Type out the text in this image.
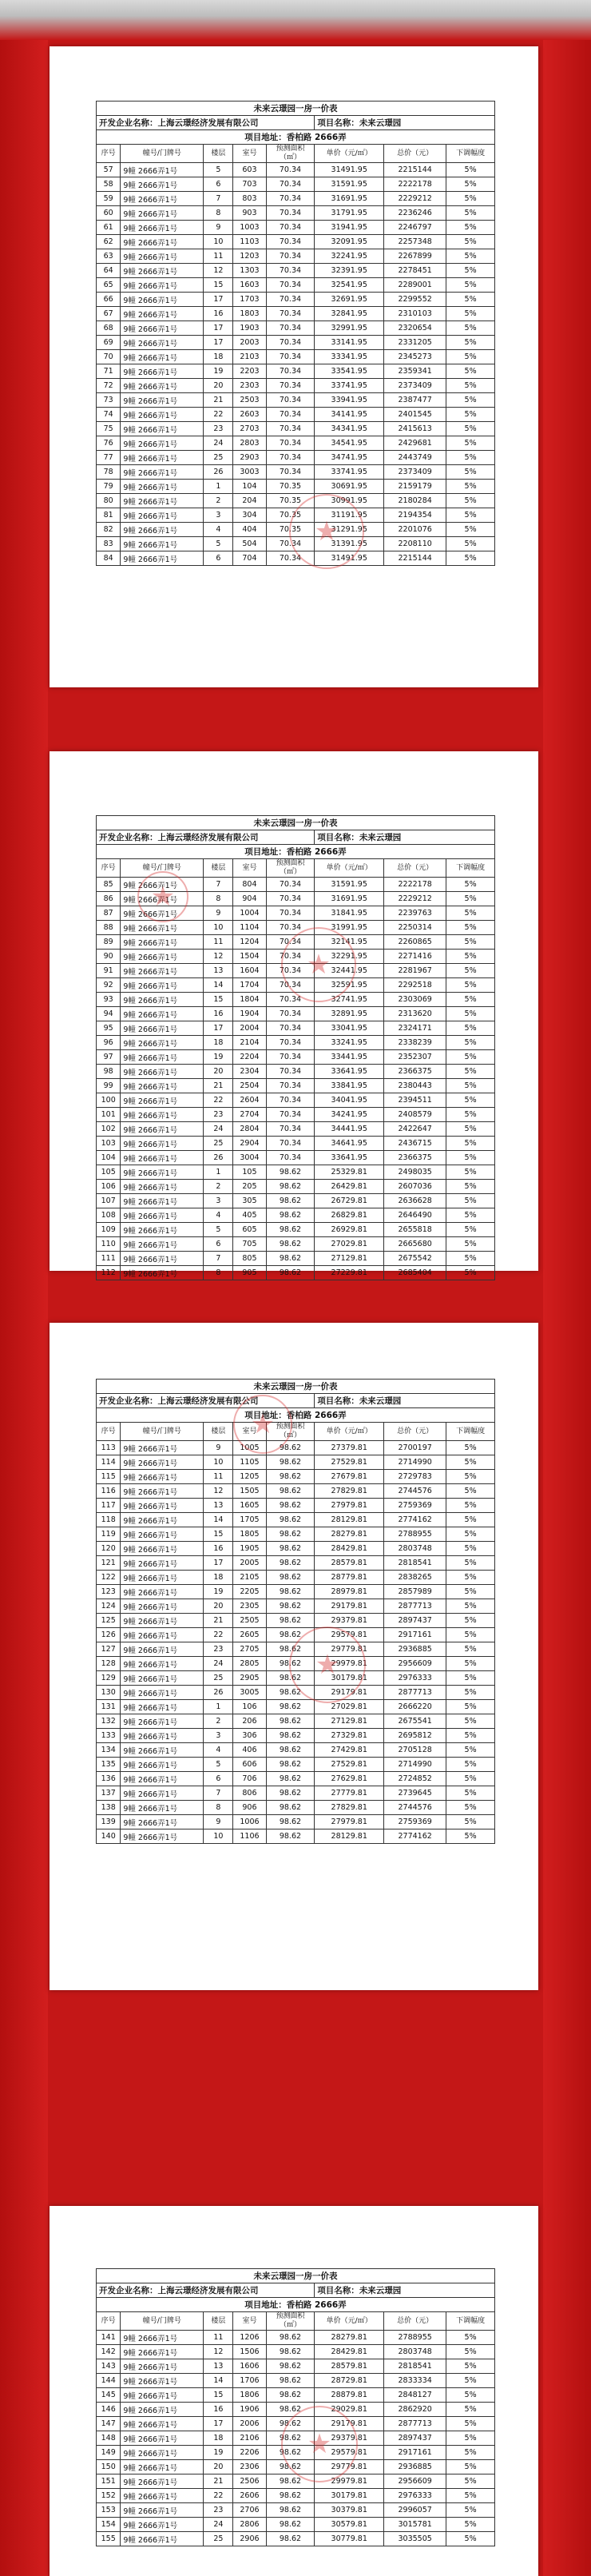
未来云璟园一房一价表							
开发企业名称：上海云璟经济发展有限公司					项目名称：未来云璟园		
项目地址：香柏路 2666弄							
序号	幢号/门牌号	楼层	室号	预测面积（㎡）	单价（元/㎡）	总价（元）	下调幅度
57	9幢 2666弄1号	5	603	70.34	31491.95	2215144	5%
58	9幢 2666弄1号	6	703	70.34	31591.95	2222178	5%
59	9幢 2666弄1号	7	803	70.34	31691.95	2229212	5%
60	9幢 2666弄1号	8	903	70.34	31791.95	2236246	5%
61	9幢 2666弄1号	9	1003	70.34	31941.95	2246797	5%
62	9幢 2666弄1号	10	1103	70.34	32091.95	2257348	5%
63	9幢 2666弄1号	11	1203	70.34	32241.95	2267899	5%
64	9幢 2666弄1号	12	1303	70.34	32391.95	2278451	5%
65	9幢 2666弄1号	15	1603	70.34	32541.95	2289001	5%
66	9幢 2666弄1号	17	1703	70.34	32691.95	2299552	5%
67	9幢 2666弄1号	16	1803	70.34	32841.95	2310103	5%
68	9幢 2666弄1号	17	1903	70.34	32991.95	2320654	5%
69	9幢 2666弄1号	17	2003	70.34	33141.95	2331205	5%
70	9幢 2666弄1号	18	2103	70.34	33341.95	2345273	5%
71	9幢 2666弄1号	19	2203	70.34	33541.95	2359341	5%
72	9幢 2666弄1号	20	2303	70.34	33741.95	2373409	5%
73	9幢 2666弄1号	21	2503	70.34	33941.95	2387477	5%
74	9幢 2666弄1号	22	2603	70.34	34141.95	2401545	5%
75	9幢 2666弄1号	23	2703	70.34	34341.95	2415613	5%
76	9幢 2666弄1号	24	2803	70.34	34541.95	2429681	5%
77	9幢 2666弄1号	25	2903	70.34	34741.95	2443749	5%
78	9幢 2666弄1号	26	3003	70.34	33741.95	2373409	5%
79	9幢 2666弄1号	1	104	70.35	30691.95	2159179	5%
80	9幢 2666弄1号	2	204	70.35	30991.95	2180284	5%
81	9幢 2666弄1号	3	304	70.35	31191.95	2194354	5%
82	9幢 2666弄1号	4	404	70.35	31291.95	2201076	5%
83	9幢 2666弄1号	5	504	70.34	31391.95	2208110	5%
84	9幢 2666弄1号	6	704	70.34	31491.95	2215144	5%
★
未来云璟园一房一价表							
开发企业名称：上海云璟经济发展有限公司					项目名称：未来云璟园		
项目地址：香柏路 2666弄							
序号	幢号/门牌号	楼层	室号	预测面积（㎡）	单价（元/㎡）	总价（元）	下调幅度
85	9幢 2666弄1号	7	804	70.34	31591.95	2222178	5%
86	9幢 2666弄1号	8	904	70.34	31691.95	2229212	5%
87	9幢 2666弄1号	9	1004	70.34	31841.95	2239763	5%
88	9幢 2666弄1号	10	1104	70.34	31991.95	2250314	5%
89	9幢 2666弄1号	11	1204	70.34	32141.95	2260865	5%
90	9幢 2666弄1号	12	1504	70.34	32291.95	2271416	5%
91	9幢 2666弄1号	13	1604	70.34	32441.95	2281967	5%
92	9幢 2666弄1号	14	1704	70.34	32591.95	2292518	5%
93	9幢 2666弄1号	15	1804	70.34	32741.95	2303069	5%
94	9幢 2666弄1号	16	1904	70.34	32891.95	2313620	5%
95	9幢 2666弄1号	17	2004	70.34	33041.95	2324171	5%
96	9幢 2666弄1号	18	2104	70.34	33241.95	2338239	5%
97	9幢 2666弄1号	19	2204	70.34	33441.95	2352307	5%
98	9幢 2666弄1号	20	2304	70.34	33641.95	2366375	5%
99	9幢 2666弄1号	21	2504	70.34	33841.95	2380443	5%
100	9幢 2666弄1号	22	2604	70.34	34041.95	2394511	5%
101	9幢 2666弄1号	23	2704	70.34	34241.95	2408579	5%
102	9幢 2666弄1号	24	2804	70.34	34441.95	2422647	5%
103	9幢 2666弄1号	25	2904	70.34	34641.95	2436715	5%
104	9幢 2666弄1号	26	3004	70.34	33641.95	2366375	5%
105	9幢 2666弄1号	1	105	98.62	25329.81	2498035	5%
106	9幢 2666弄1号	2	205	98.62	26429.81	2607036	5%
107	9幢 2666弄1号	3	305	98.62	26729.81	2636628	5%
108	9幢 2666弄1号	4	405	98.62	26829.81	2646490	5%
109	9幢 2666弄1号	5	605	98.62	26929.81	2655818	5%
110	9幢 2666弄1号	6	705	98.62	27029.81	2665680	5%
111	9幢 2666弄1号	7	805	98.62	27129.81	2675542	5%
112	9幢 2666弄1号	8	905	98.62	27229.81	2685404	5%
★
★
未来云璟园一房一价表							
开发企业名称：上海云璟经济发展有限公司					项目名称：未来云璟园		
项目地址：香柏路 2666弄							
序号	幢号/门牌号	楼层	室号	预测面积（㎡）	单价（元/㎡）	总价（元）	下调幅度
113	9幢 2666弄1号	9	1005	98.62	27379.81	2700197	5%
114	9幢 2666弄1号	10	1105	98.62	27529.81	2714990	5%
115	9幢 2666弄1号	11	1205	98.62	27679.81	2729783	5%
116	9幢 2666弄1号	12	1505	98.62	27829.81	2744576	5%
117	9幢 2666弄1号	13	1605	98.62	27979.81	2759369	5%
118	9幢 2666弄1号	14	1705	98.62	28129.81	2774162	5%
119	9幢 2666弄1号	15	1805	98.62	28279.81	2788955	5%
120	9幢 2666弄1号	16	1905	98.62	28429.81	2803748	5%
121	9幢 2666弄1号	17	2005	98.62	28579.81	2818541	5%
122	9幢 2666弄1号	18	2105	98.62	28779.81	2838265	5%
123	9幢 2666弄1号	19	2205	98.62	28979.81	2857989	5%
124	9幢 2666弄1号	20	2305	98.62	29179.81	2877713	5%
125	9幢 2666弄1号	21	2505	98.62	29379.81	2897437	5%
126	9幢 2666弄1号	22	2605	98.62	29579.81	2917161	5%
127	9幢 2666弄1号	23	2705	98.62	29779.81	2936885	5%
128	9幢 2666弄1号	24	2805	98.62	29979.81	2956609	5%
129	9幢 2666弄1号	25	2905	98.62	30179.81	2976333	5%
130	9幢 2666弄1号	26	3005	98.62	29179.81	2877713	5%
131	9幢 2666弄1号	1	106	98.62	27029.81	2666220	5%
132	9幢 2666弄1号	2	206	98.62	27129.81	2675541	5%
133	9幢 2666弄1号	3	306	98.62	27329.81	2695812	5%
134	9幢 2666弄1号	4	406	98.62	27429.81	2705128	5%
135	9幢 2666弄1号	5	606	98.62	27529.81	2714990	5%
136	9幢 2666弄1号	6	706	98.62	27629.81	2724852	5%
137	9幢 2666弄1号	7	806	98.62	27779.81	2739645	5%
138	9幢 2666弄1号	8	906	98.62	27829.81	2744576	5%
139	9幢 2666弄1号	9	1006	98.62	27979.81	2759369	5%
140	9幢 2666弄1号	10	1106	98.62	28129.81	2774162	5%
★
★
未来云璟园一房一价表							
开发企业名称：上海云璟经济发展有限公司					项目名称：未来云璟园		
项目地址：香柏路 2666弄							
序号	幢号/门牌号	楼层	室号	预测面积（㎡）	单价（元/㎡）	总价（元）	下调幅度
141	9幢 2666弄1号	11	1206	98.62	28279.81	2788955	5%
142	9幢 2666弄1号	12	1506	98.62	28429.81	2803748	5%
143	9幢 2666弄1号	13	1606	98.62	28579.81	2818541	5%
144	9幢 2666弄1号	14	1706	98.62	28729.81	2833334	5%
145	9幢 2666弄1号	15	1806	98.62	28879.81	2848127	5%
146	9幢 2666弄1号	16	1906	98.62	29029.81	2862920	5%
147	9幢 2666弄1号	17	2006	98.62	29179.81	2877713	5%
148	9幢 2666弄1号	18	2106	98.62	29379.81	2897437	5%
149	9幢 2666弄1号	19	2206	98.62	29579.81	2917161	5%
150	9幢 2666弄1号	20	2306	98.62	29779.81	2936885	5%
151	9幢 2666弄1号	21	2506	98.62	29979.81	2956609	5%
152	9幢 2666弄1号	22	2606	98.62	30179.81	2976333	5%
153	9幢 2666弄1号	23	2706	98.62	30379.81	2996057	5%
154	9幢 2666弄1号	24	2806	98.62	30579.81	3015781	5%
155	9幢 2666弄1号	25	2906	98.62	30779.81	3035505	5%
★
